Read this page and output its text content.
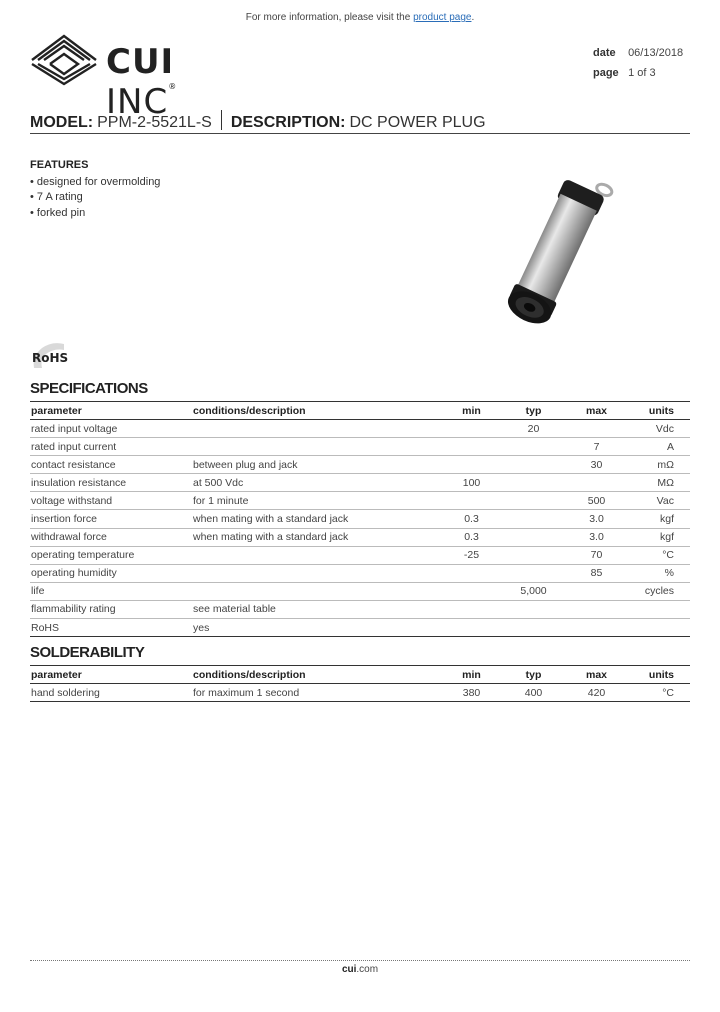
For more information, please visit the product page.
CUI INC®
date 06/13/2018
page 1 of 3
MODEL: PPM-2-5521L-S DESCRIPTION: DC POWER PLUG
FEATURES
• designed for overmolding
• 7 A rating
• forked pin
RoHS
SPECIFICATIONS
parameter	conditions/description	min	typ	max	units
rated input voltage			20		Vdc
rated input current				7	A
contact resistance	between plug and jack			30	mΩ
insulation resistance	at 500 Vdc	100			MΩ
voltage withstand	for 1 minute			500	Vac
insertion force	when mating with a standard jack	0.3		3.0	kgf
withdrawal force	when mating with a standard jack	0.3		3.0	kgf
operating temperature		-25		70	°C
operating humidity				85	%
life			5,000		cycles
flammability rating	see material table				
RoHS	yes				
SOLDERABILITY
parameter	conditions/description	min	typ	max	units
hand soldering	for maximum 1 second	380	400	420	°C
cui.com
